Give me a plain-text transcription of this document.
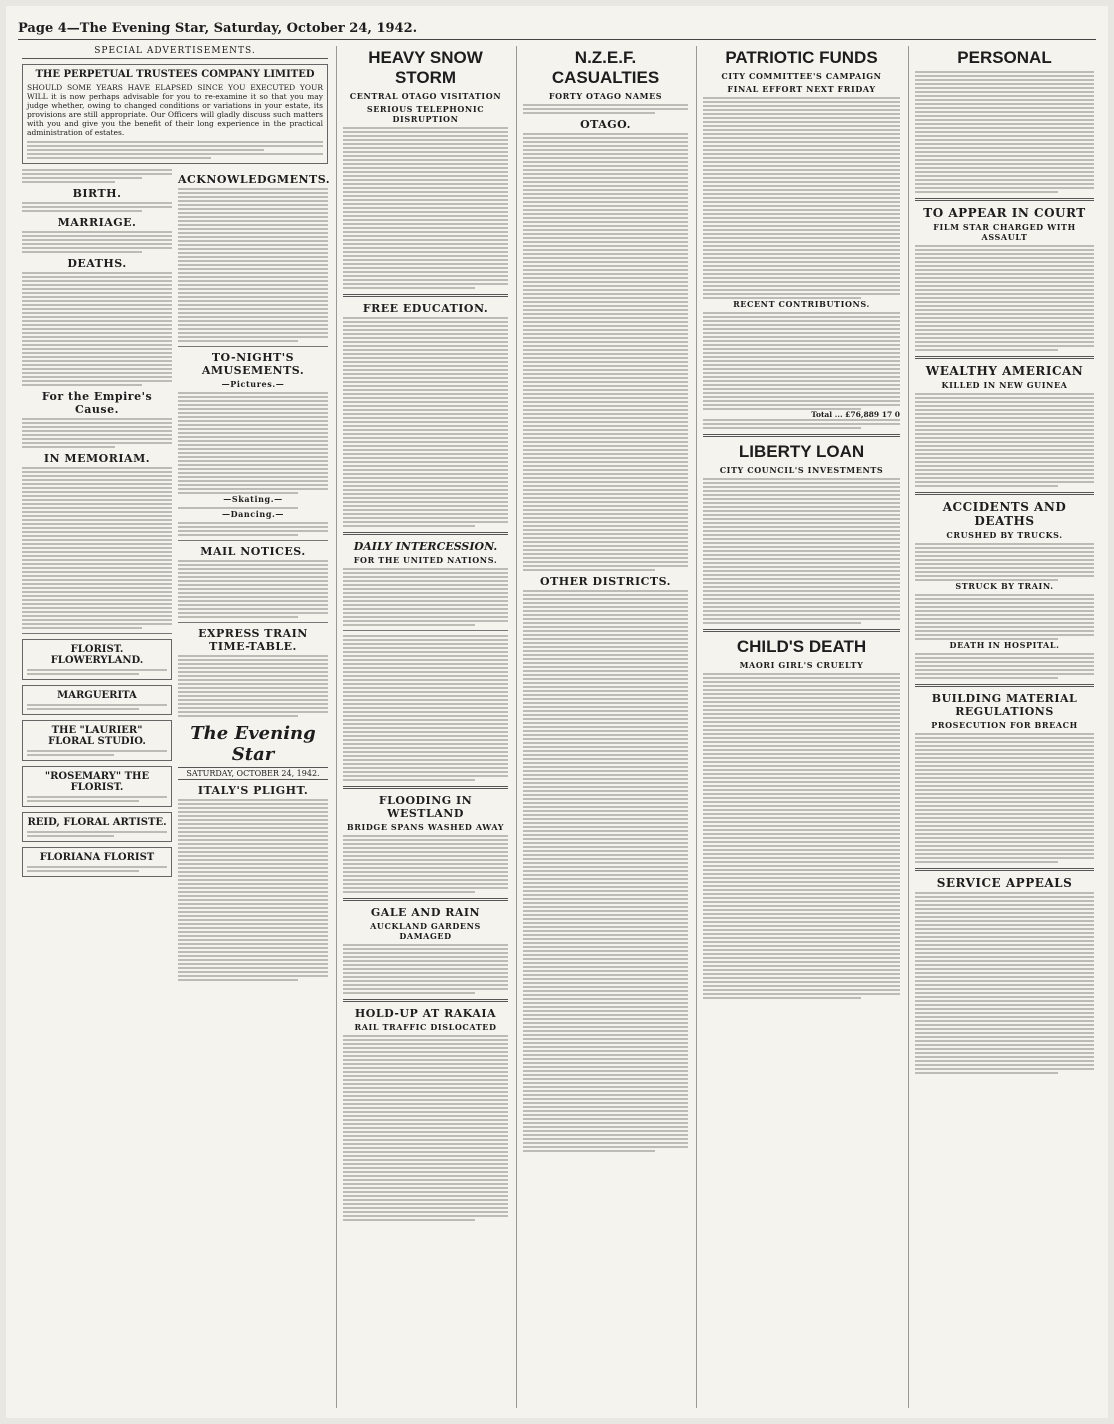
Page 4—The Evening Star, Saturday, October 24, 1942.
SPECIAL ADVERTISEMENTS.
THE PERPETUAL TRUSTEES COMPANY LIMITED
SHOULD SOME YEARS HAVE ELAPSED SINCE YOU EXECUTED YOUR WILL it is now perhaps advisable for you to re-examine it so that you may judge whether, owing to changed conditions or variations in your estate, its provisions are still appropriate. Our Officers will gladly discuss such matters with you and give you the benefit of their long experience in the practical administration of estates.
BIRTH.
MARRIAGE.
DEATHS.
For the Empire's Cause.
IN MEMORIAM.
FLORIST. FLOWERYLAND.
MARGUERITA
THE "LAURIER" FLORAL STUDIO.
"ROSEMARY" THE FLORIST.
REID, FLORAL ARTISTE.
FLORIANA FLORIST
ACKNOWLEDGMENTS.
TO-NIGHT'S AMUSEMENTS.
—Pictures.—
—Skating.—
—Dancing.—
MAIL NOTICES.
EXPRESS TRAIN TIME-TABLE.
The Evening Star
SATURDAY, OCTOBER 24, 1942.
ITALY'S PLIGHT.
HEAVY SNOW STORM
CENTRAL OTAGO VISITATION
SERIOUS TELEPHONIC DISRUPTION
FREE EDUCATION.
DAILY INTERCESSION.
FOR THE UNITED NATIONS.
FLOODING IN WESTLAND
BRIDGE SPANS WASHED AWAY
GALE AND RAIN
AUCKLAND GARDENS DAMAGED
HOLD-UP AT RAKAIA
RAIL TRAFFIC DISLOCATED
N.Z.E.F. CASUALTIES
FORTY OTAGO NAMES
OTAGO.
OTHER DISTRICTS.
PATRIOTIC FUNDS
CITY COMMITTEE'S CAMPAIGN
FINAL EFFORT NEXT FRIDAY
RECENT CONTRIBUTIONS.
Total ... £76,889 17 0
LIBERTY LOAN
CITY COUNCIL'S INVESTMENTS
CHILD'S DEATH
MAORI GIRL'S CRUELTY
PERSONAL
TO APPEAR IN COURT
FILM STAR CHARGED WITH ASSAULT
WEALTHY AMERICAN
KILLED IN NEW GUINEA
ACCIDENTS AND DEATHS
CRUSHED BY TRUCKS.
STRUCK BY TRAIN.
DEATH IN HOSPITAL.
BUILDING MATERIAL REGULATIONS
PROSECUTION FOR BREACH
SERVICE APPEALS
